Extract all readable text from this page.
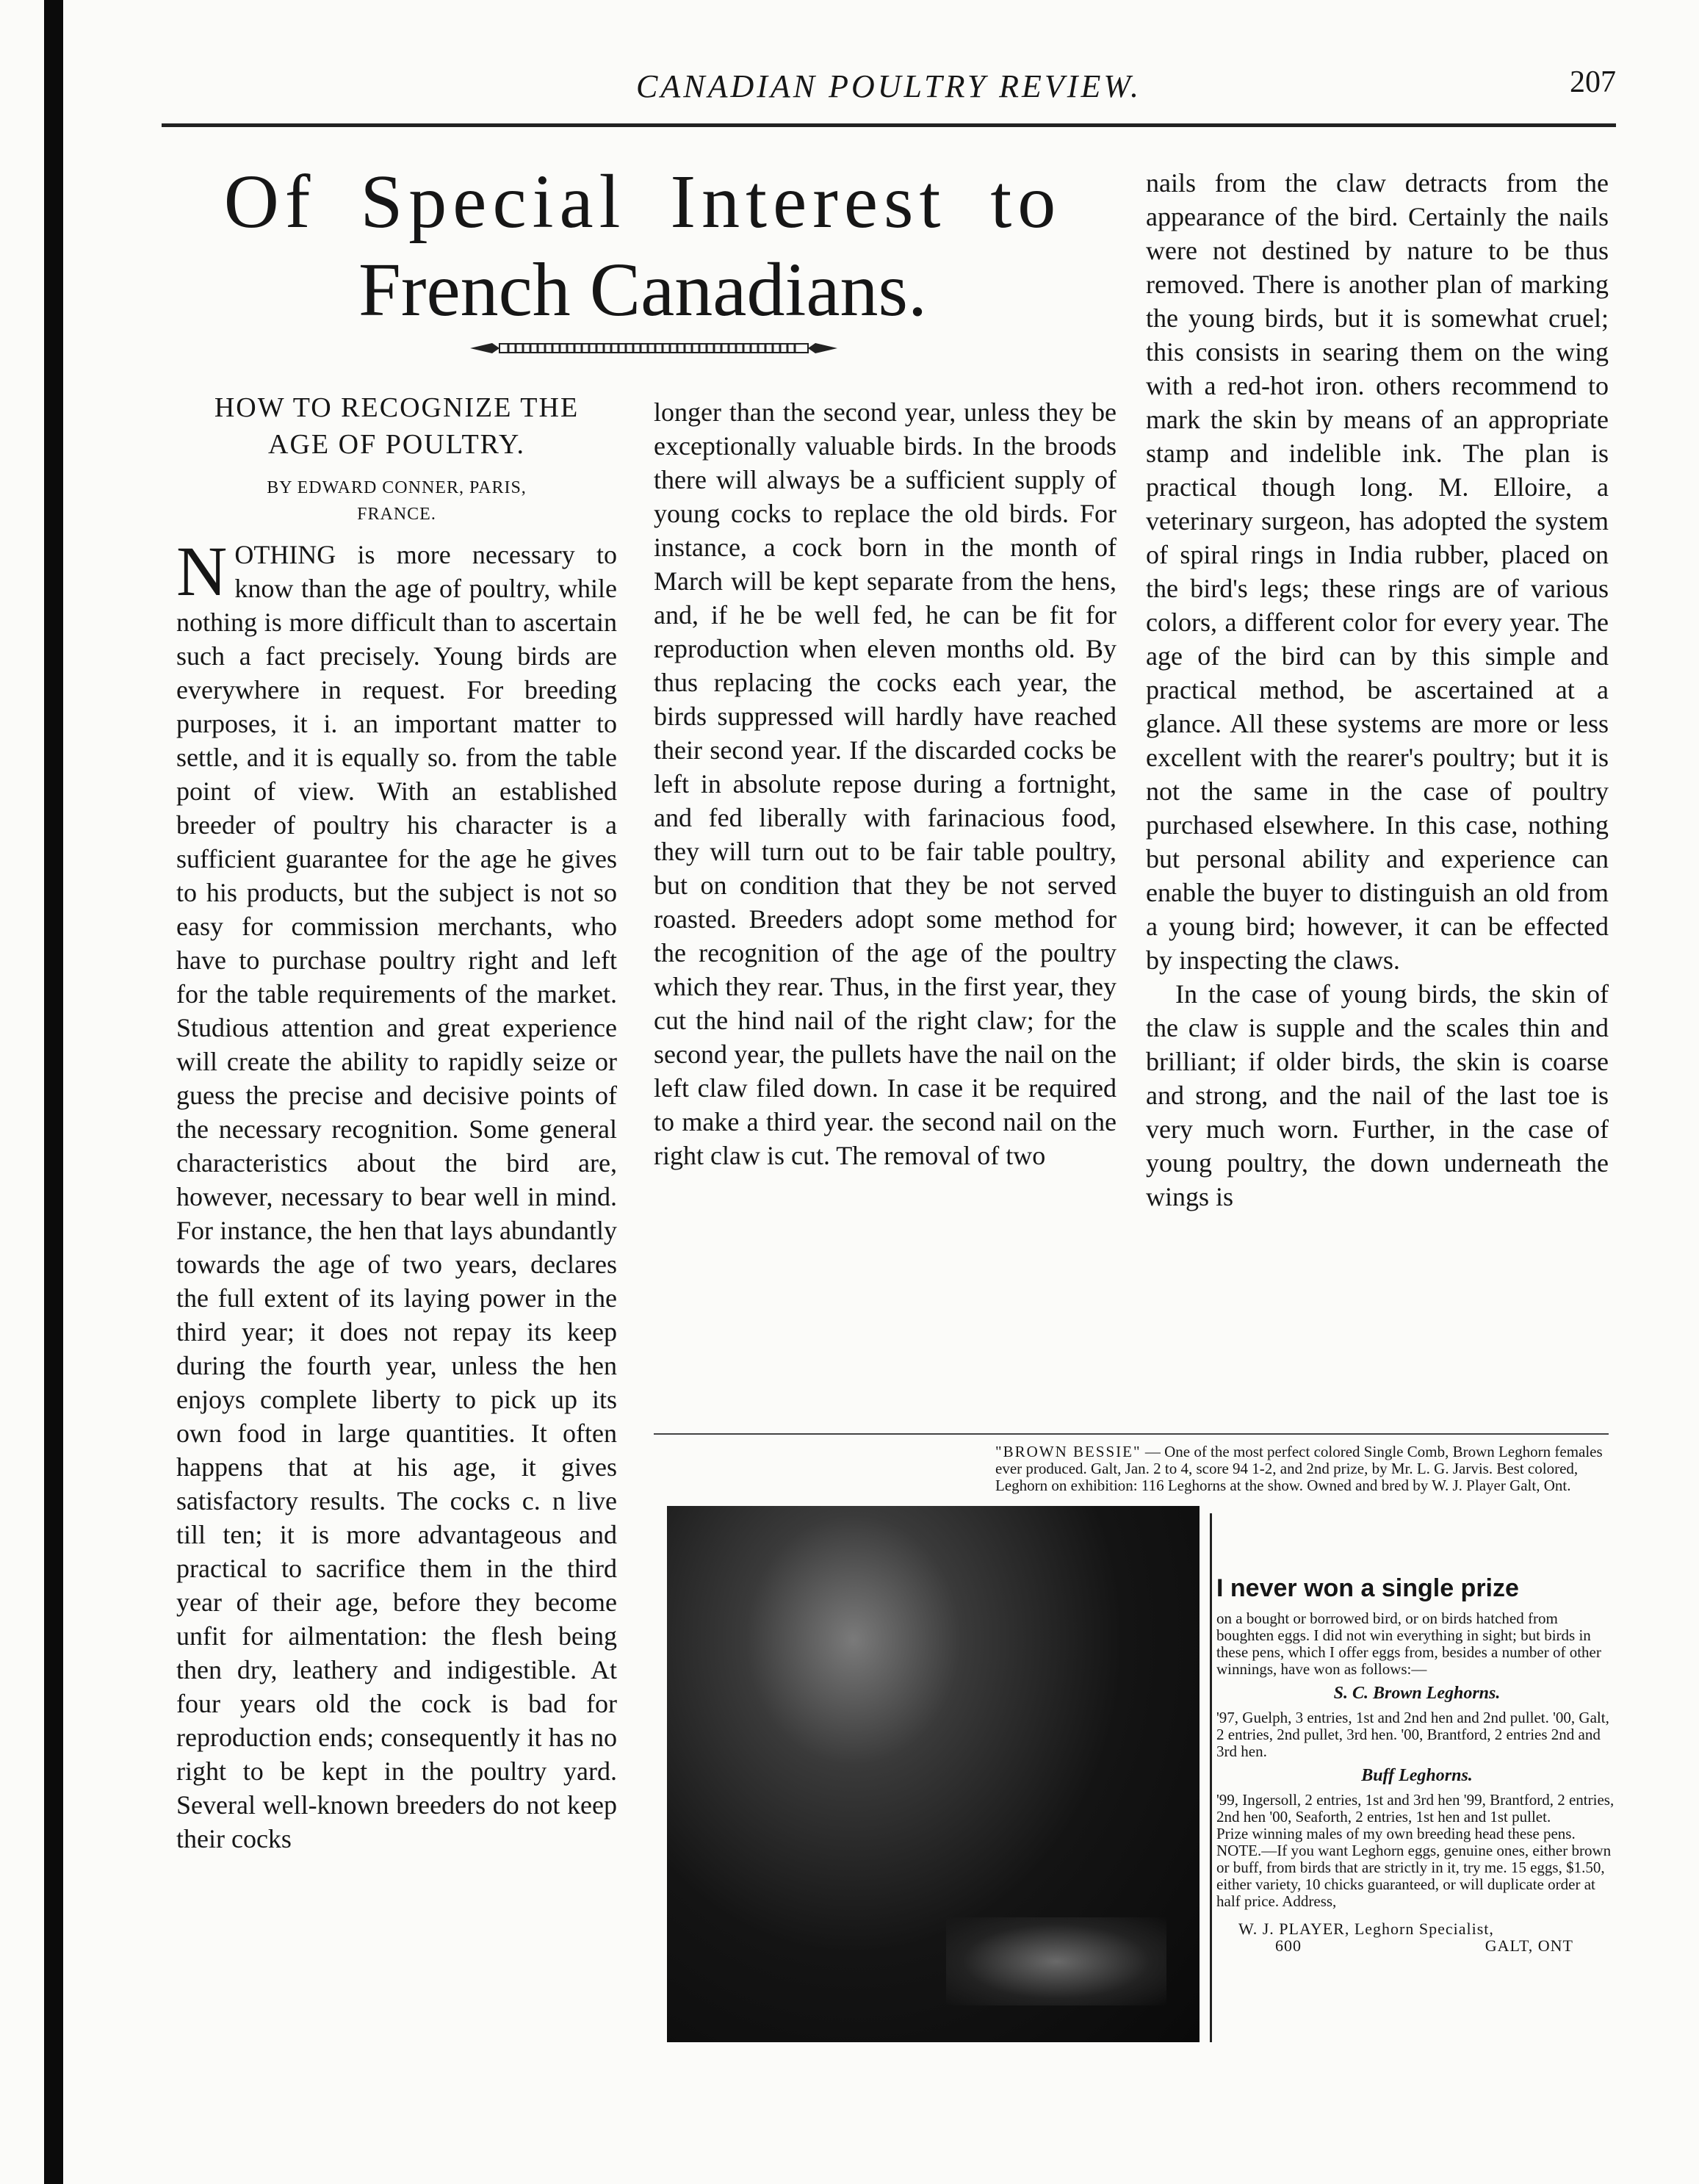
CANADIAN POULTRY REVIEW.	207
Of Special Interest to
French Canadians.
HOW TO RECOGNIZE THE
AGE OF POULTRY.
BY EDWARD CONNER, PARIS,
FRANCE.

NOTHING is more necessary to know than the age of poultry, while nothing is more difficult than to ascertain such a fact precisely. Young birds are everywhere in request. For breeding purposes, it i. an important matter to settle, and it is equally so. from the table point of view. With an established breeder of poultry his character is a sufficient guarantee for the age he gives to his products, but the subject is not so easy for commission merchants, who have to purchase poultry right and left for the table requirements of the market. Studious attention and great experience will create the ability to rapidly seize or guess the precise and decisive points of the necessary recognition. Some general characteristics about the bird are, however, necessary to bear well in mind. For instance, the hen that lays abundantly towards the age of two years, declares the full extent of its laying power in the third year; it does not repay its keep during the fourth year, unless the hen enjoys complete liberty to pick up its own food in large quantities. It often happens that at his age, it gives satisfactory results. The cocks c. n live till ten; it is more advantageous and practical to sacrifice them in the third year of their age, before they become unfit for ailmentation: the flesh being then dry, leathery and indigestible. At four years old the cock is bad for reproduction ends; consequently it has no right to be kept in the poultry yard. Several well-known breeders do not keep their cocks

longer than the second year, unless they be exceptionally valuable birds. In the broods there will always be a sufficient supply of young cocks to replace the old birds. For instance, a cock born in the month of March will be kept separate from the hens, and, if he be well fed, he can be fit for reproduction when eleven months old. By thus replacing the cocks each year, the birds suppressed will hardly have reached their second year. If the discarded cocks be left in absolute repose during a fortnight, and fed liberally with farinacious food, they will turn out to be fair table poultry, but on condition that they be not served roasted. Breeders adopt some method for the recognition of the age of the poultry which they rear. Thus, in the first year, they cut the hind nail of the right claw; for the second year, the pullets have the nail on the left claw filed down. In case it be required to make a third year. the second nail on the right claw is cut. The removal of two

nails from the claw detracts from the appearance of the bird. Certainly the nails were not destined by nature to be thus removed. There is another plan of marking the young birds, but it is somewhat cruel; this consists in searing them on the wing with a red-hot iron. others recommend to mark the skin by means of an appropriate stamp and indelible ink. The plan is practical though long. M. Elloire, a veterinary surgeon, has adopted the system of spiral rings in India rubber, placed on the bird's legs; these rings are of various colors, a different color for every year. The age of the bird can by this simple and practical method, be ascertained at a glance. All these systems are more or less excellent with the rearer's poultry; but it is not the same in the case of poultry purchased elsewhere. In this case, nothing but personal ability and experience can enable the buyer to distinguish an old from a young bird; however, it can be effected by inspecting the claws.

In the case of young birds, the skin of the claw is supple and the scales thin and brilliant; if older birds, the skin is coarse and strong, and the nail of the last toe is very much worn. Further, in the case of young poultry, the down underneath the wings is

"BROWN BESSIE" — One of the most perfect colored Single Comb, Brown Leghorn females ever produced. Galt, Jan. 2 to 4, score 94 1-2, and 2nd prize, by Mr. L. G. Jarvis. Best colored, Leghorn on exhibition: 116 Leghorns at the show. Owned and bred by W. J. Player Galt, Ont.

I never won a single prize

on a bought or borrowed bird, or on birds hatched from boughten eggs. I did not win everything in sight; but birds in these pens, which I offer eggs from, besides a number of other winnings, have won as follows:—

S. C. Brown Leghorns.

'97, Guelph, 3 entries, 1st and 2nd hen and 2nd pullet. '00, Galt, 2 entries, 2nd pullet, 3rd hen. '00, Brantford, 2 entries 2nd and 3rd hen.

Buff Leghorns.

'99, Ingersoll, 2 entries, 1st and 3rd hen '99, Brantford, 2 entries, 2nd hen '00, Seaforth, 2 entries, 1st hen and 1st pullet.

Prize winning males of my own breeding head these pens.

NOTE.—If you want Leghorn eggs, genuine ones, either brown or buff, from birds that are strictly in it, try me. 15 eggs, $1.50, either variety, 10 chicks guaranteed, or will duplicate order at half price. Address,

W. J. PLAYER, Leghorn Specialist,
600	GALT, ONT
